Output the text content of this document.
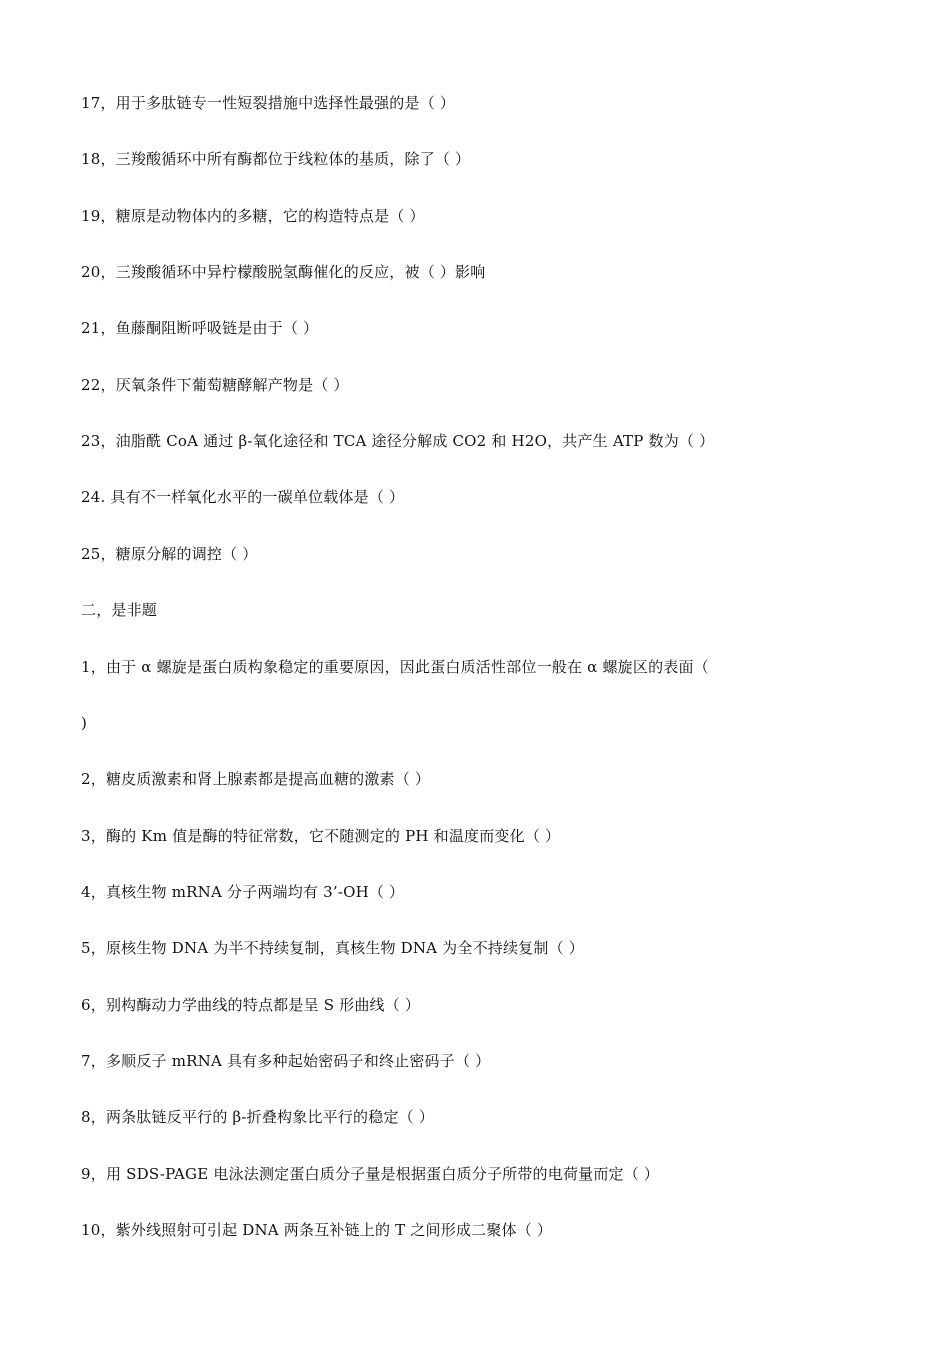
17，用于多肽链专一性短裂措施中选择性最强的是（ ）
18，三羧酸循环中所有酶都位于线粒体的基质，除了（ ）
19，糖原是动物体内的多糖，它的构造特点是（ ）
20，三羧酸循环中异柠檬酸脱氢酶催化的反应，被（ ）影响
21，鱼藤酮阻断呼吸链是由于（ ）
22，厌氧条件下葡萄糖酵解产物是（ ）
23，油脂酰 CoA 通过 β-氧化途径和 TCA 途径分解成 CO2 和 H2O，共产生 ATP 数为（ ）
24. 具有不一样氧化水平的一碳单位载体是（ ）
25，糖原分解的调控（ ）
二，是非题
1，由于 α 螺旋是蛋白质构象稳定的重要原因，因此蛋白质活性部位一般在 α 螺旋区的表面（
)
2，糖皮质激素和肾上腺素都是提高血糖的激素（ ）
3，酶的 Km 值是酶的特征常数，它不随测定的 PH 和温度而变化（ ）
4，真核生物 mRNA 分子两端均有 3’-OH（ ）
5，原核生物 DNA 为半不持续复制，真核生物 DNA 为全不持续复制（ ）
6，别构酶动力学曲线的特点都是呈 S 形曲线（ ）
7，多顺反子 mRNA 具有多种起始密码子和终止密码子（ ）
8，两条肽链反平行的 β-折叠构象比平行的稳定（ ）
9，用 SDS-PAGE 电泳法测定蛋白质分子量是根据蛋白质分子所带的电荷量而定（ ）
10，紫外线照射可引起 DNA 两条互补链上的 T 之间形成二聚体（ ）
